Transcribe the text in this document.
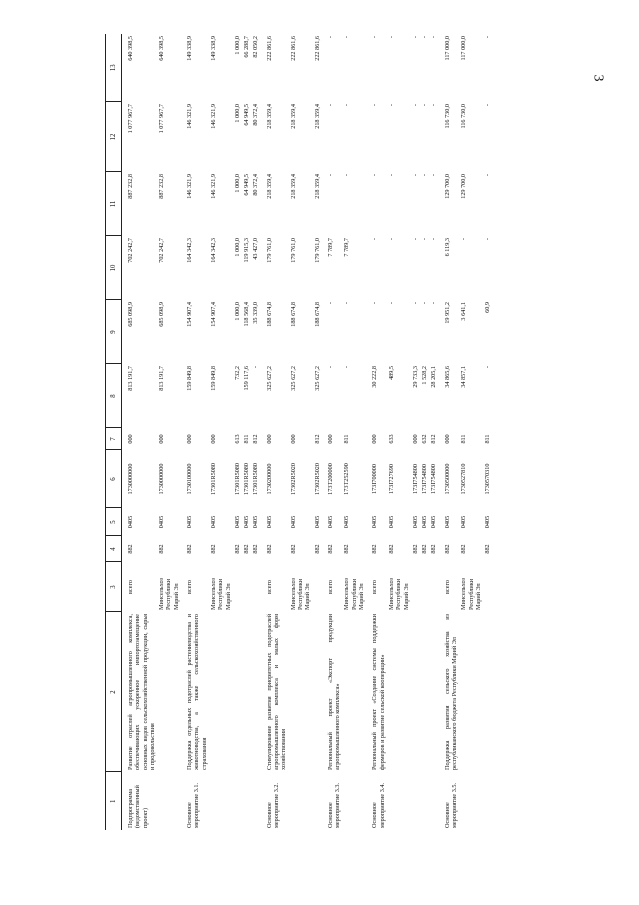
3
1	2	3	4	5	6	7	8	9	10	11	12	13
Подпрограмма (ведомственный проект)	Развитие отраслей агропромышленного комплекса, обеспечивающих ускоренное импортозамещение основных видов сельскохозяйственной продукции, сырья и продовольствия	всего	882	0405	1730000000	000	813 191,7	685 098,9	702 242,7	887 232,8	1 077 967,7	640 398,5
		Минсельхоз Республики Марий Эл	882	0405	1730000000	000	813 191,7	685 098,9	702 242,7	887 232,8	1 077 967,7	640 398,5
Основное мероприятие 3.1.	Поддержка отдельных подотраслей растениеводства и животноводства, а также сельскохозяйственного страхования	всего	882	0405	1730100000	000	159 849,8	154 907,4	164 342,3	146 321,9	146 321,9	149 338,9
		Минсельхоз Республики Марий Эл	882	0405	17301R5080	000	159 849,8	154 907,4	164 342,3	146 321,9	146 321,9	149 338,9
			882	0405	17301R5080	613	732,2	1 000,0	1 000,0	1 000,0	1 000,0	1 000,0
			882	0405	17301R5080	811	159 117,6	118 568,4	119 915,3	64 949,5	64 949,5	66 288,7
			882	0405	17301R5080	812	-	35 339,0	43 427,0	80 372,4	80 372,4	82 050,2
Основное мероприятие 3.2.	Стимулирование развития приоритетных подотраслей агропромышленного комплекса и малых форм хозяйствования	всего	882	0405	1730200000	000	325 627,2	188 674,8	179 761,0	218 359,4	218 359,4	222 861,6
		Минсельхоз Республики Марий Эл	882	0405	17302R5020	000	325 627,2	188 674,8	179 761,0	218 359,4	218 359,4	222 861,6
			882	0405	17302R5020	812	325 627,2	188 674,8	179 761,0	218 359,4	218 359,4	222 861,6
Основное мероприятие 3.3.	Региональный проект «Экспорт продукции агропромышленного комплекса»	всего	882	0405	173T200000	000	-	-	7 789,7	-	-	-
		Минсельхоз Республики Марий Эл	882	0405	173T252590	811	-	-	7 789,7	-	-	-
Основное мероприятие 3.4.	Региональный проект «Создание системы поддержки фермеров и развитие сельской кооперации»	всего	882	0405	173I700000	000	30 222,8	-	-	-	-	-
		Минсельхоз Республики Марий Эл	882	0405	173I727690	633	489,5	-	-	-	-	-
			882	0405	173I754800	000	29 733,3	-	-	-	-	-
			882	0405	173I754800	632	1 528,2	-	-	-	-	-
			882	0405	173I754800	812	28 205,1	-	-	-	-	-
Основное мероприятие 3.5.	Поддержка развития сельского хозяйства из республиканского бюджета Республики Марий Эл	всего	882	0405	1730500000	000	34 865,6	19 951,2	6 119,3	129 700,0	116 730,0	117 000,0
		Минсельхоз Республики Марий Эл	882	0405	1730527810	811	34 857,1	3 641,1	-	129 700,0	116 730,0	117 000,0
			882	0405	1730570310	811	-	60,9	-	-	-	-
